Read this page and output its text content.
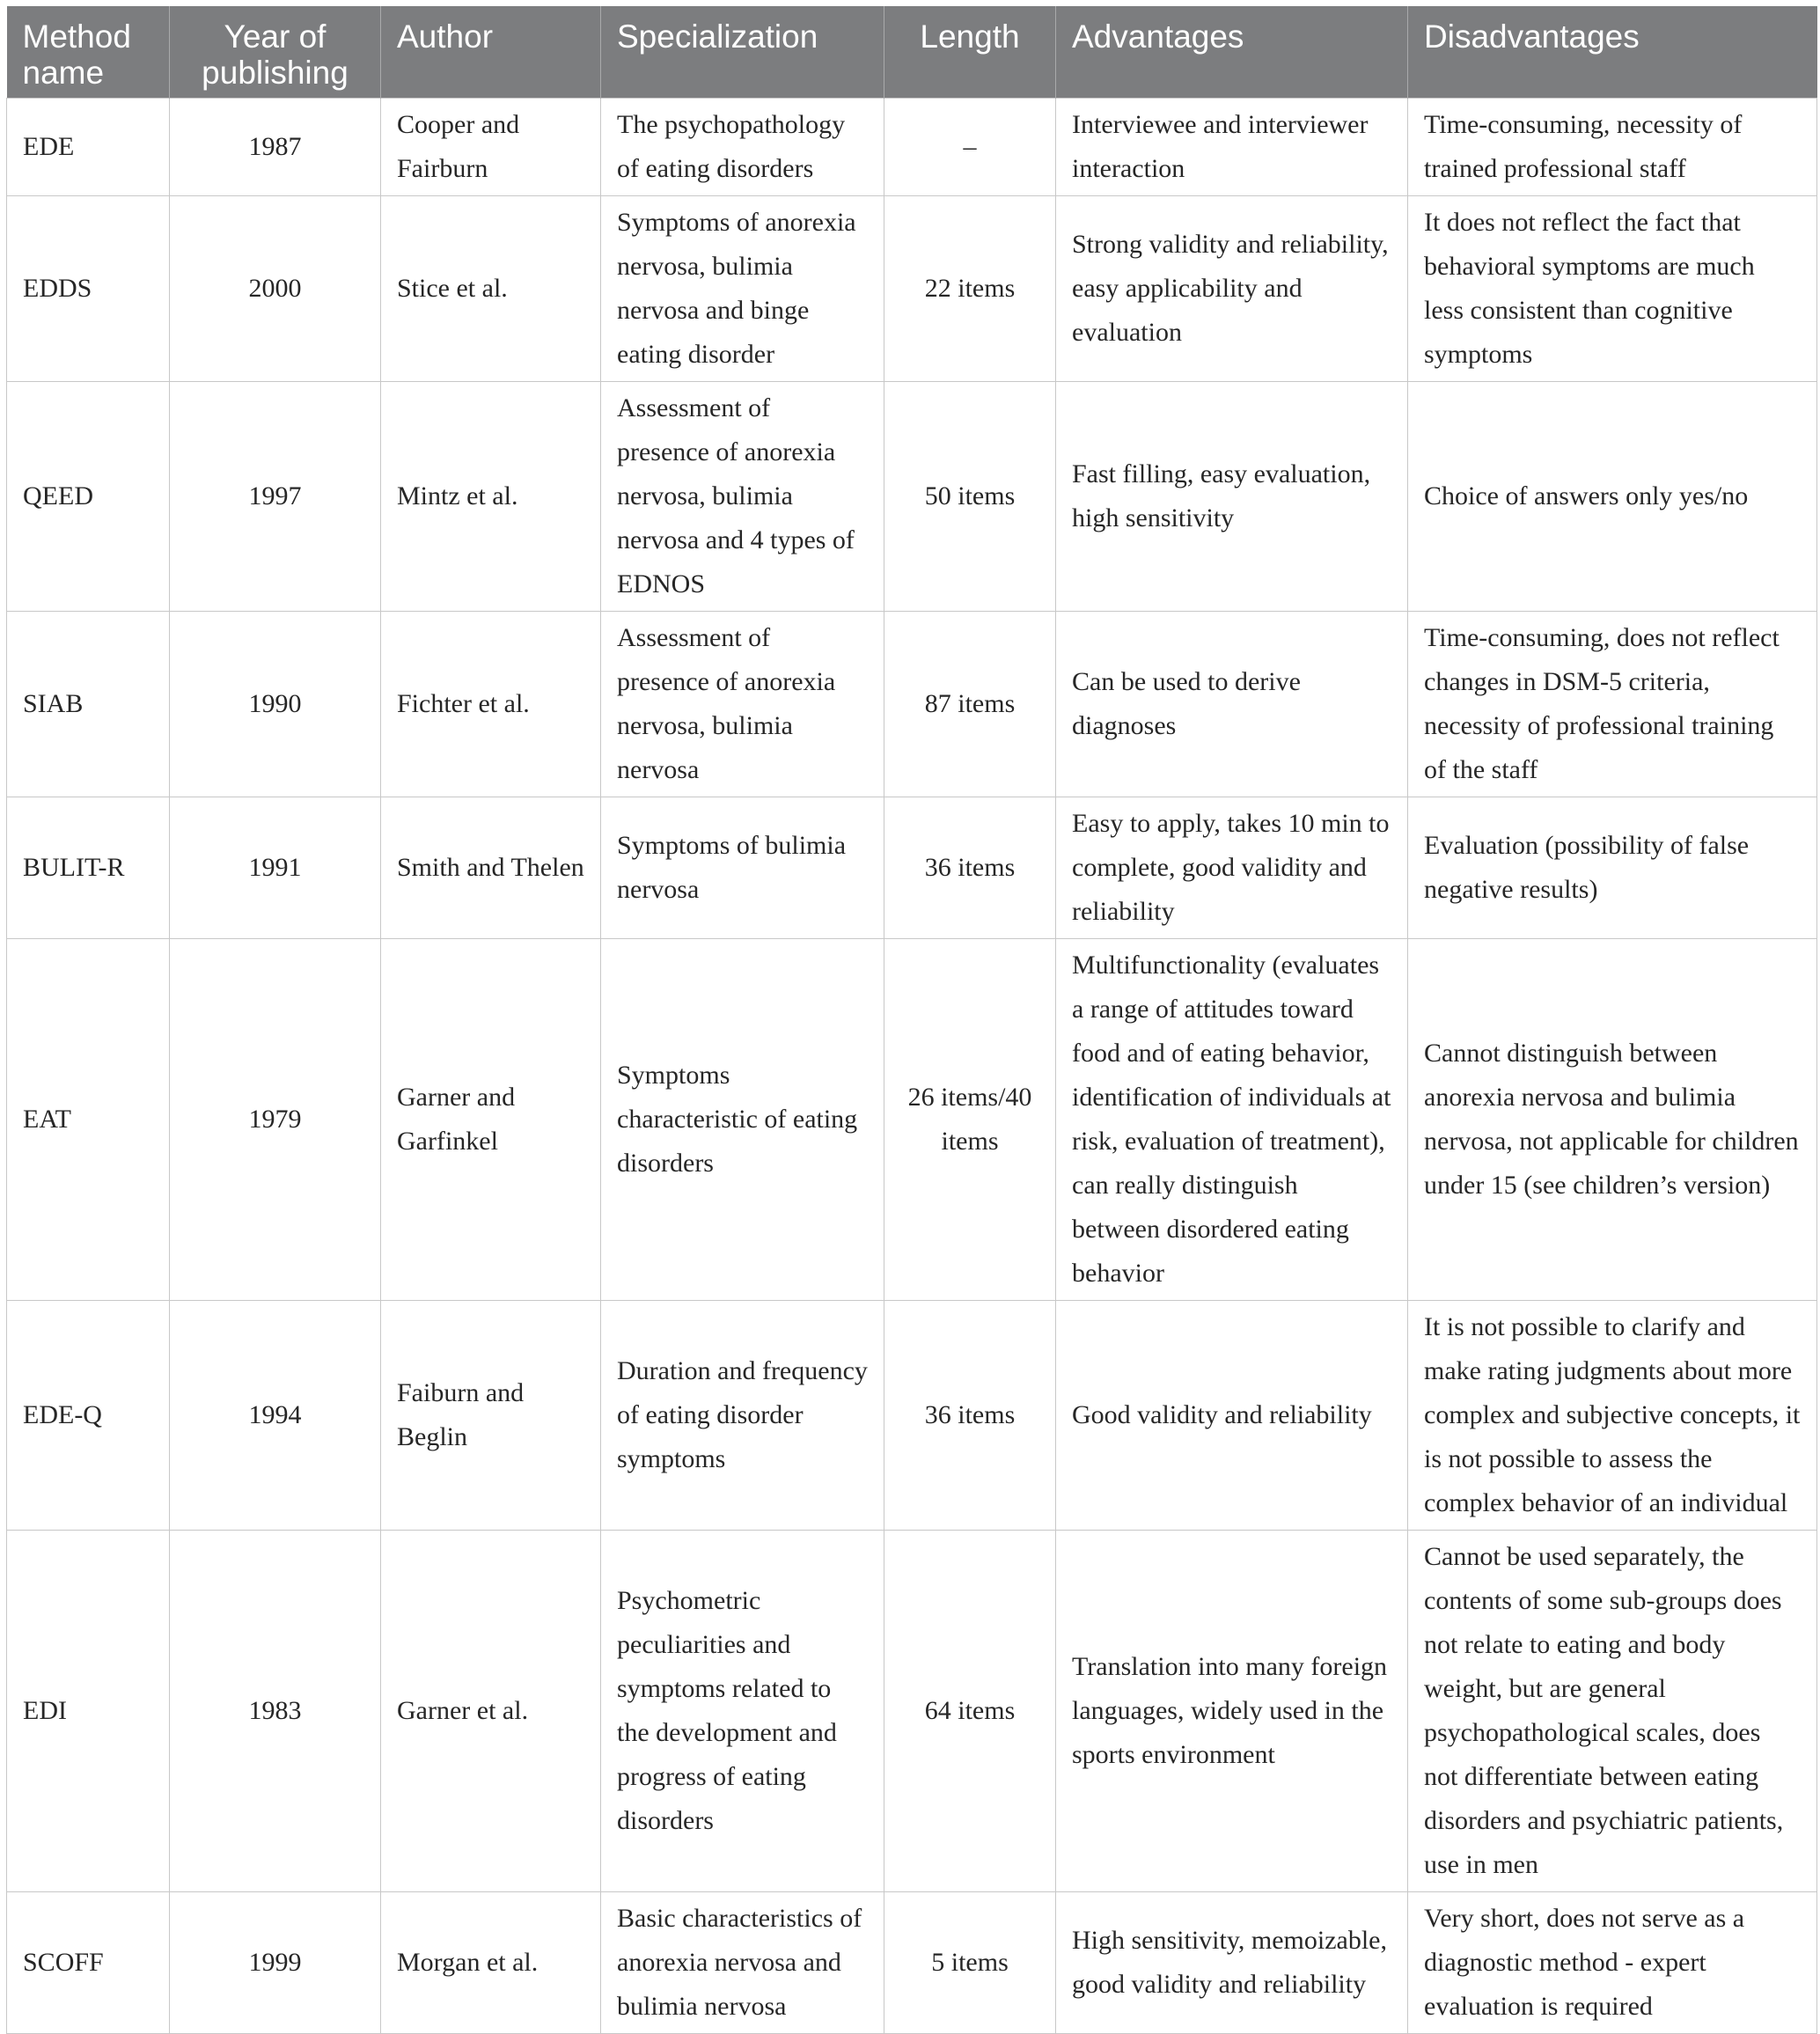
Method name	Year of publishing	Author	Specialization	Length	Advantages	Disadvantages
EDE	1987	Cooper and Fairburn	The psychopathology of eating disorders	–	Interviewee and interviewer interaction	Time-consuming, necessity of trained professional staff
EDDS	2000	Stice et al.	Symptoms of anorexia nervosa, bulimia nervosa and binge eating disorder	22 items	Strong validity and reliability, easy applicability and evaluation	It does not reflect the fact that behavioral symptoms are much less consistent than cognitive symptoms
QEED	1997	Mintz et al.	Assessment of presence of anorexia nervosa, bulimia nervosa and 4 types of EDNOS	50 items	Fast filling, easy evaluation, high sensitivity	Choice of answers only yes/no
SIAB	1990	Fichter et al.	Assessment of presence of anorexia nervosa, bulimia nervosa	87 items	Can be used to derive diagnoses	Time-consuming, does not reflect changes in DSM-5 criteria, necessity of professional training of the staff
BULIT-R	1991	Smith and Thelen	Symptoms of bulimia nervosa	36 items	Easy to apply, takes 10 min to complete, good validity and reliability	Evaluation (possibility of false negative results)
EAT	1979	Garner and Garfinkel	Symptoms characteristic of eating disorders	26 items/40 items	Multifunctionality (evaluates a range of attitudes toward food and of eating behavior, identification of individuals at risk, evaluation of treatment), can really distinguish between disordered eating behavior	Cannot distinguish between anorexia nervosa and bulimia nervosa, not applicable for children under 15 (see children’s version)
EDE-Q	1994	Faiburn and Beglin	Duration and frequency of eating disorder symptoms	36 items	Good validity and reliability	It is not possible to clarify and make rating judgments about more complex and subjective concepts, it is not possible to assess the complex behavior of an individual
EDI	1983	Garner et al.	Psychometric peculiarities and symptoms related to the development and progress of eating disorders	64 items	Translation into many foreign languages, widely used in the sports environment	Cannot be used separately, the contents of some sub-groups does not relate to eating and body weight, but are general psychopathological scales, does not differentiate between eating disorders and psychiatric patients, use in men
SCOFF	1999	Morgan et al.	Basic characteristics of anorexia nervosa and bulimia nervosa	5 items	High sensitivity, memoizable, good validity and reliability	Very short, does not serve as a diagnostic method - expert evaluation is required
